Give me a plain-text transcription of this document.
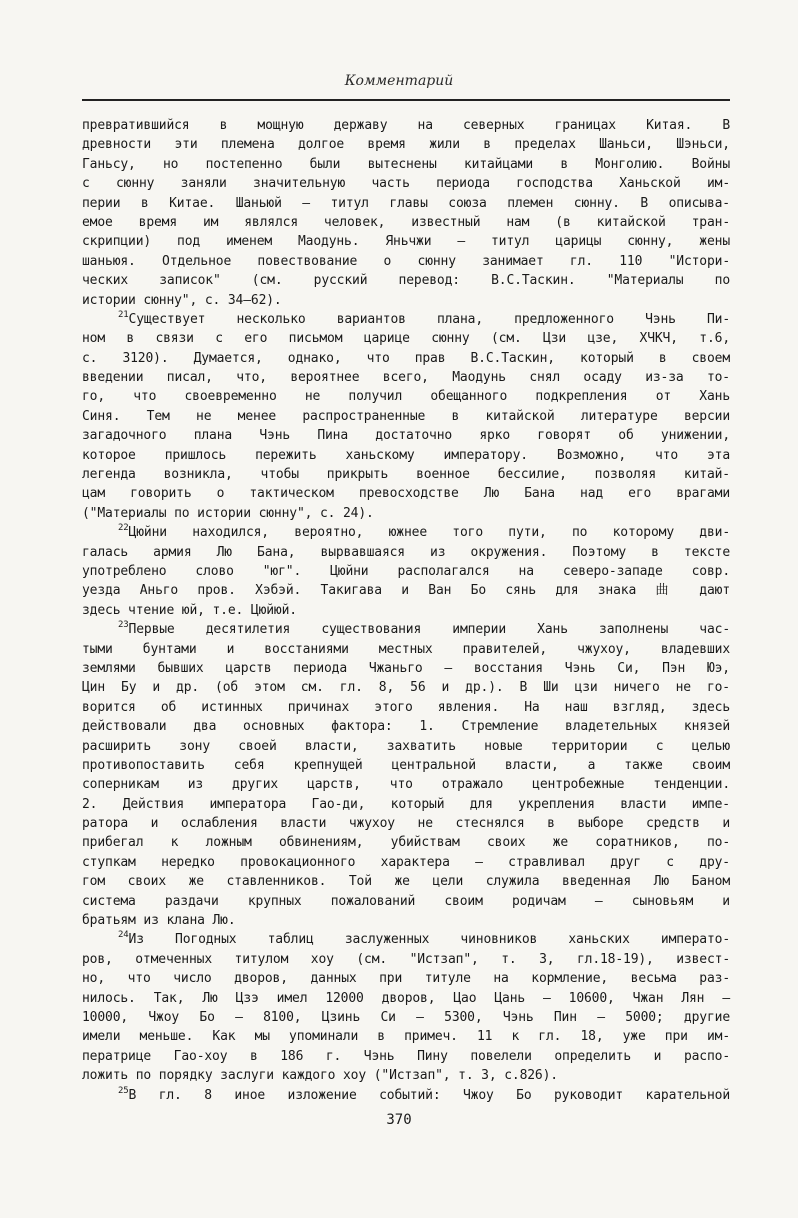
Комментарий
превратившийся в мощную державу на северных границах Китая. В
древности эти племена долгое время жили в пределах Шаньси, Шэньси,
Ганьсу, но постепенно были вытеснены китайцами в Монголию. Войны
с сюнну заняли значительную часть периода господства Ханьской им-
перии в Китае. Шаньюй — титул главы союза племен сюнну. В описыва-
емое время им являлся человек, известный нам (в китайской тран-
скрипции) под именем Маодунь. Яньчжи — титул царицы сюнну, жены
шаньюя. Отдельное повествование о сюнну занимает гл. 110 "Истори-
ческих записок" (см. русский перевод: В.С.Таскин. "Материалы по
истории сюнну", с. 34—62).
$^{21}$Существует несколько вариантов плана, предложенного Чэнь Пи-
ном в связи с его письмом царице сюнну (см. Цзи цзе, ХЧКЧ, т.6,
с. 3120). Думается, однако, что прав В.С.Таскин, который в своем
введении писал, что, вероятнее всего, Маодунь снял осаду из-за то-
го, что своевременно не получил обещанного подкрепления от Хань
Синя. Тем не менее распространенные в китайской литературе версии
загадочного плана Чэнь Пина достаточно ярко говорят об унижении,
которое пришлось пережить ханьскому императору. Возможно, что эта
легенда возникла, чтобы прикрыть военное бессилие, позволяя китай-
цам говорить о тактическом превосходстве Лю Бана над его врагами
("Материалы по истории сюнну", с. 24).
$^{22}$Цюйни находился, вероятно, южнее того пути, по которому дви-
галась армия Лю Бана, вырвавшаяся из окружения. Поэтому в тексте
употреблено слово "юг". Цюйни располагался на северо-западе совр.
уезда Аньго пров. Хэбэй. Такигава и Ван Бо сянь для знака 曲 дают
здесь чтение юй, т.е. Цюйюй.
$^{23}$Первые десятилетия существования империи Хань заполнены час-
тыми бунтами и восстаниями местных правителей, чжухоу, владевших
землями бывших царств периода Чжаньго — восстания Чэнь Си, Пэн Юэ,
Цин Бу и др. (об этом см. гл. 8, 56 и др.). В Ши цзи ничего не го-
ворится об истинных причинах этого явления. На наш взгляд, здесь
действовали два основных фактора: 1. Стремление владетельных князей
расширить зону своей власти, захватить новые территории с целью
противопоставить себя крепнущей центральной власти, а также своим
соперникам из других царств, что отражало центробежные тенденции.
2. Действия императора Гао-ди, который для укрепления власти импе-
ратора и ослабления власти чжухоу не стеснялся в выборе средств и
прибегал к ложным обвинениям, убийствам своих же соратников, по-
ступкам нередко провокационного характера — стравливал друг с дру-
гом своих же ставленников. Той же цели служила введенная Лю Баном
система раздачи крупных пожалований своим родичам — сыновьям и
братьям из клана Лю.
$^{24}$Из Погодных таблиц заслуженных чиновников ханьских императо-
ров, отмеченных титулом хоу (см. "Истзап", т. 3, гл.18-19), извест-
но, что число дворов, данных при титуле на кормление, весьма раз-
нилось. Так, Лю Цзэ имел 12000 дворов, Цао Цань — 10600, Чжан Лян —
10000, Чжоу Бо — 8100, Цзинь Си — 5300, Чэнь Пин — 5000; другие
имели меньше. Как мы упоминали в примеч. 11 к гл. 18, уже при им-
ператрице Гао-хоу в 186 г. Чэнь Пину повелели определить и распо-
ложить по порядку заслуги каждого хоу ("Истзап", т. 3, с.826).
$^{25}$В гл. 8 иное изложение событий: Чжоу Бо руководит карательной
370
